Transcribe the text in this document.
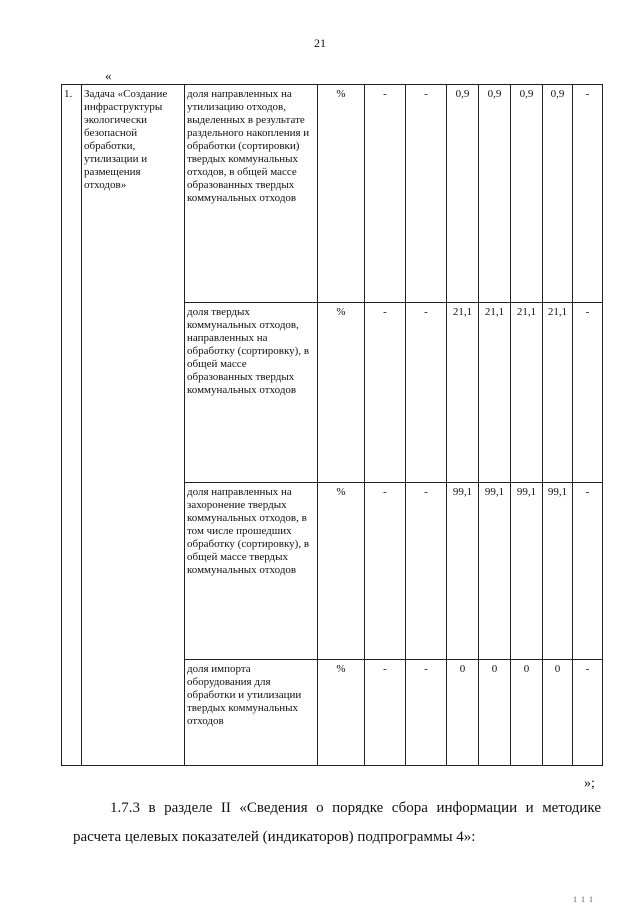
21
«
1.	Задача «Создание инфраструктуры экологически безопасной обработки, утилизации и размещения отходов»	доля направленных на утилизацию отходов, выделенных в результате раздельного накопления и обработки (сортировки) твердых коммунальных отходов, в общей массе образованных твердых коммунальных отходов	%	-	-	0,9	0,9	0,9	0,9	-
		доля твердых коммунальных отходов, направленных на обработку (сортировку), в общей массе образованных твердых коммунальных отходов	%	-	-	21,1	21,1	21,1	21,1	-
		доля направленных на захоронение твердых коммунальных отходов, в том числе прошедших обработку (сортировку), в общей массе твердых коммунальных отходов	%	-	-	99,1	99,1	99,1	99,1	-
		доля импорта оборудования для обработки и утилизации твердых коммунальных отходов	%	-	-	0	0	0	0	-
»;
1.7.3 в разделе II «Сведения о порядке сбора информации и методике
расчета целевых показателей (индикаторов) подпрограммы 4»:
1 1 1
